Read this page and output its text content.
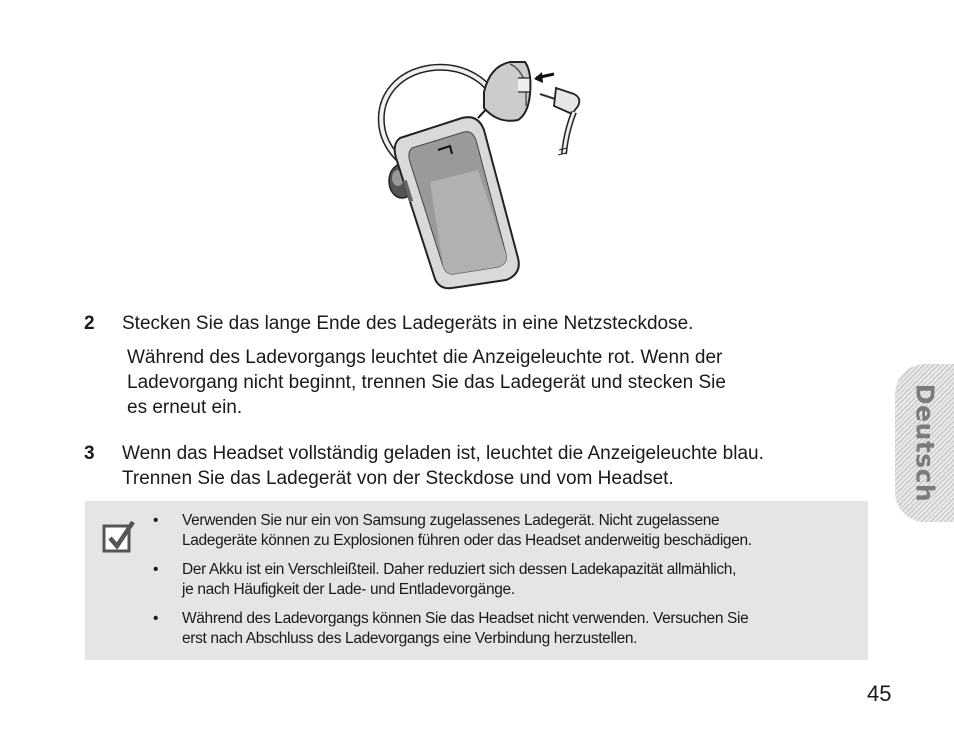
2 Stecken Sie das lange Ende des Ladegeräts in eine Netzsteckdose.
Während des Ladevorgangs leuchtet die Anzeigeleuchte rot. Wenn der
Ladevorgang nicht beginnt, trennen Sie das Ladegerät und stecken Sie
es erneut ein.
3 Wenn das Headset vollständig geladen ist, leuchtet die Anzeigeleuchte blau.
Trennen Sie das Ladegerät von der Steckdose und vom Headset.
• Verwenden Sie nur ein von Samsung zugelassenes Ladegerät. Nicht zugelassene
Ladegeräte können zu Explosionen führen oder das Headset anderweitig beschädigen.
• Der Akku ist ein Verschleißteil. Daher reduziert sich dessen Ladekapazität allmählich,
je nach Häufigkeit der Lade- und Entladevorgänge.
• Während des Ladevorgangs können Sie das Headset nicht verwenden. Versuchen Sie
erst nach Abschluss des Ladevorgangs eine Verbindung herzustellen.
Deutsch
45
